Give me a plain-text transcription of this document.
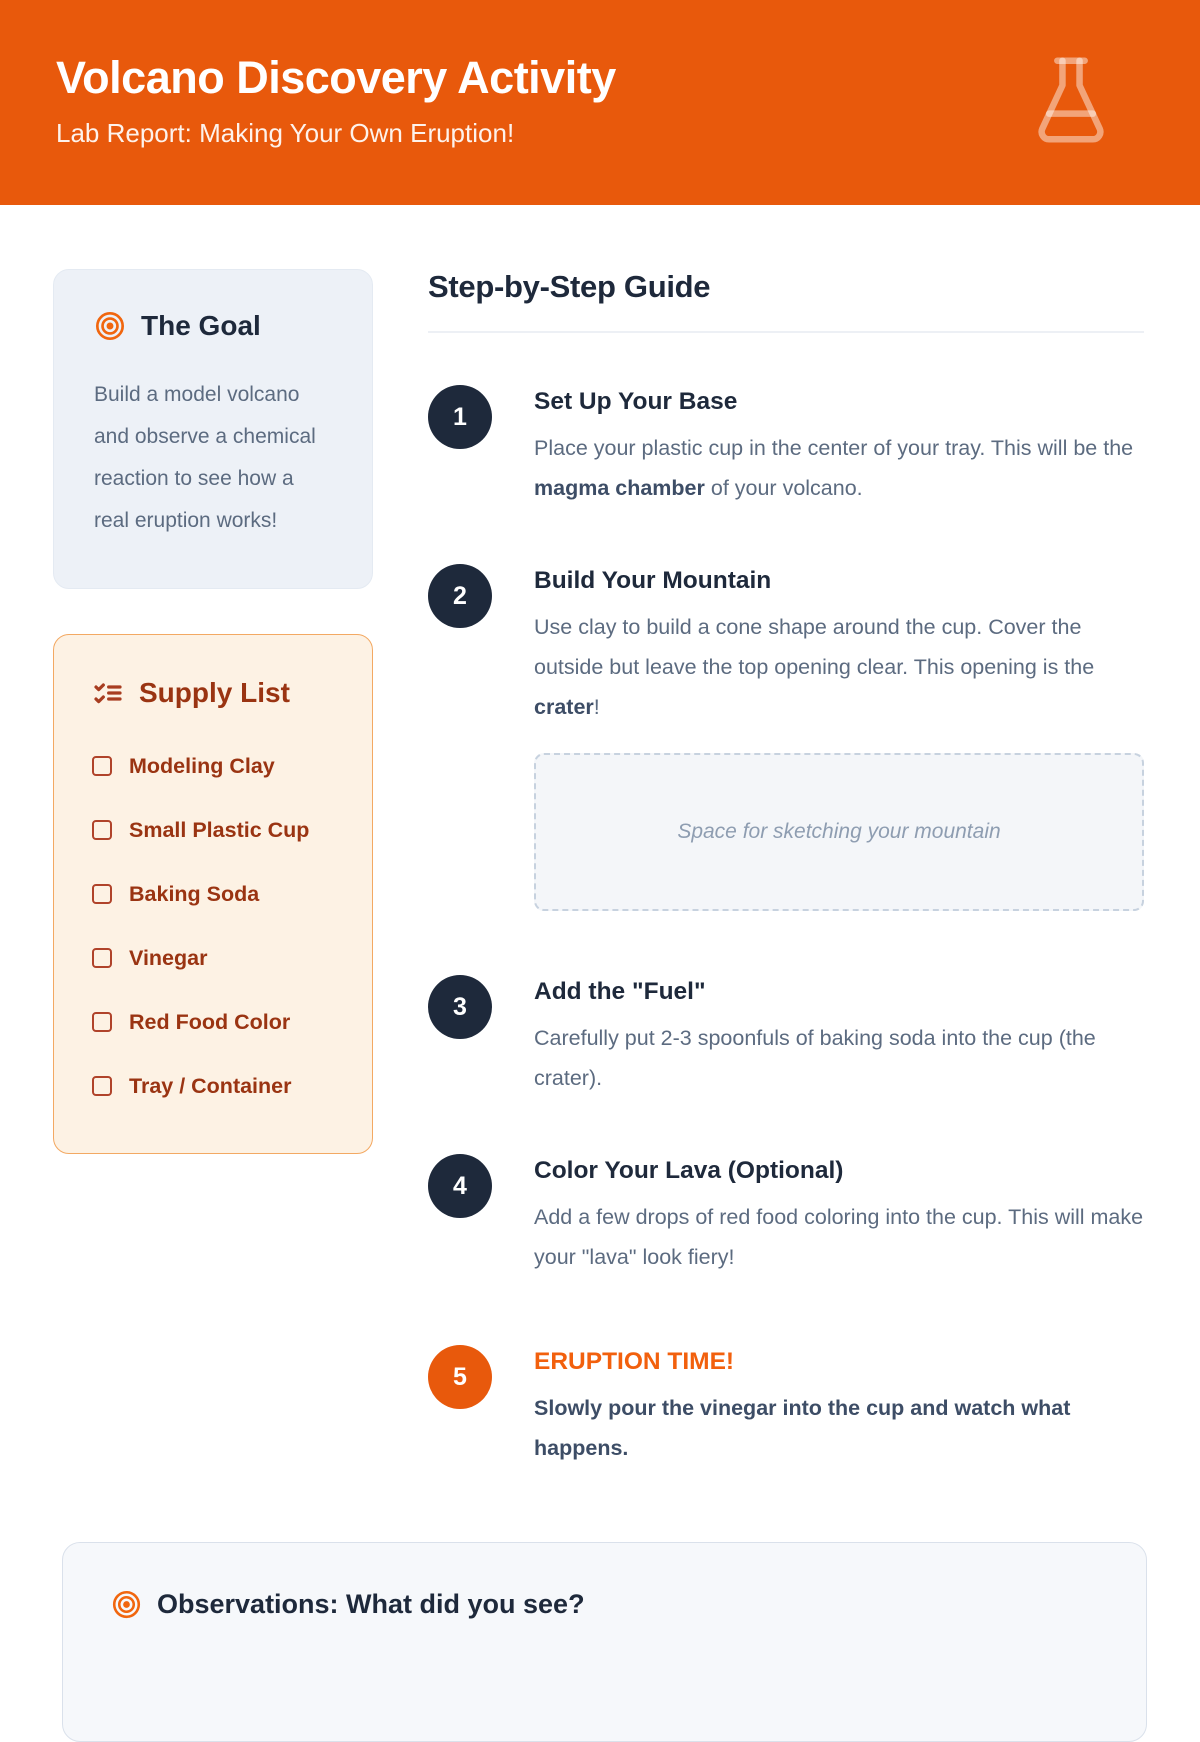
Volcano Discovery Activity
Lab Report: Making Your Own Eruption!
The Goal

Build a model volcano and observe a chemical reaction to see how a real eruption works!

Supply List
Modeling Clay
Small Plastic Cup
Baking Soda
Vinegar
Red Food Color
Tray / Container
Step-by-Step Guide
1
Set Up Your Base

Place your plastic cup in the center of your tray. This will be the magma chamber of your volcano.

2
Build Your Mountain

Use clay to build a cone shape around the cup. Cover the outside but leave the top opening clear. This opening is the crater!

Space for sketching your mountain
3
Add the "Fuel"

Carefully put 2-3 spoonfuls of baking soda into the cup (the crater).

4
Color Your Lava (Optional)

Add a few drops of red food coloring into the cup. This will make your "lava" look fiery!

5
ERUPTION TIME!

Slowly pour the vinegar into the cup and watch what happens.

Observations: What did you see?
